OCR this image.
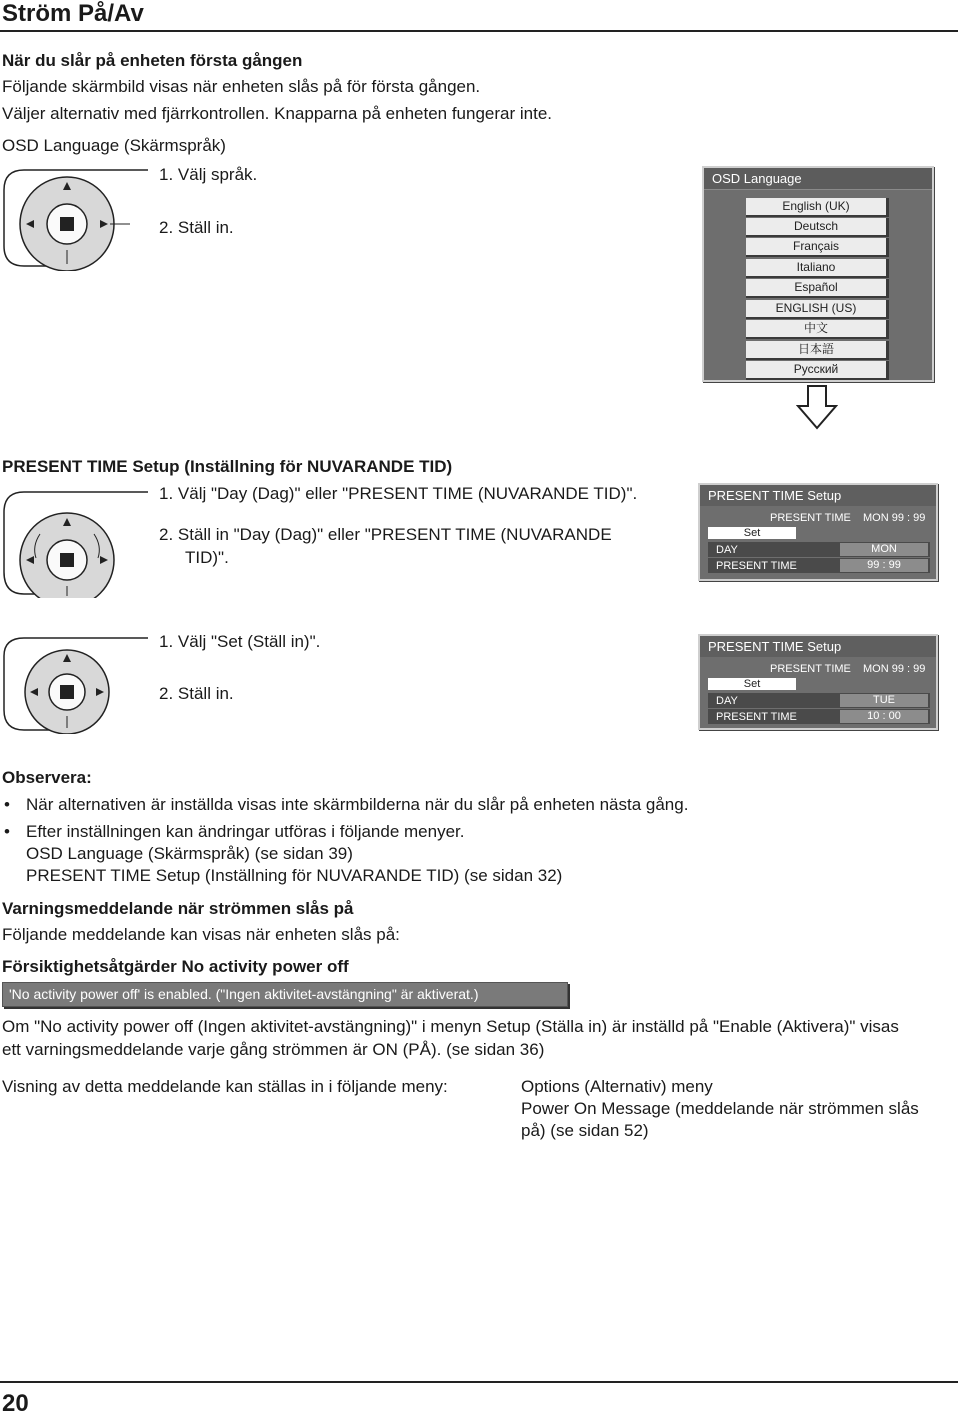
Ström På/Av
När du slår på enheten första gången
Följande skärmbild visas när enheten slås på för första gången.
Väljer alternativ med fjärrkontrollen. Knapparna på enheten fungerar inte.
OSD Language (Skärmspråk)
1. Välj språk.
2. Ställ in.
OSD Language
English (UK)
Deutsch
Français
Italiano
Español
ENGLISH (US)
中文
日本語
Русский
PRESENT TIME Setup (Inställning för NUVARANDE TID)
1. Välj "Day (Dag)" eller "PRESENT TIME (NUVARANDE TID)".
2. Ställ in "Day (Dag)" eller "PRESENT TIME (NUVARANDE
TID)".
PRESENT TIME Setup
PRESENT TIME MON 99 : 99
Set
DAY	MON
PRESENT TIME	99 : 99
1. Välj "Set (Ställ in)".
2. Ställ in.
PRESENT TIME Setup
PRESENT TIME MON 99 : 99
Set
DAY	TUE
PRESENT TIME	10 : 00
Observera:
• När alternativen är inställda visas inte skärmbilderna när du slår på enheten nästa gång.
• Efter inställningen kan ändringar utföras i följande menyer.
OSD Language (Skärmspråk) (se sidan 39)
PRESENT TIME Setup (Inställning för NUVARANDE TID) (se sidan 32)
Varningsmeddelande när strömmen slås på
Följande meddelande kan visas när enheten slås på:
Försiktighetsåtgärder No activity power off
'No activity power off' is enabled. ("Ingen aktivitet-avstängning" är aktiverat.)
Om "No activity power off (Ingen aktivitet-avstängning)" i menyn Setup (Ställa in) är inställd på "Enable (Aktivera)" visas
ett varningsmeddelande varje gång strömmen är ON (PÅ). (se sidan 36)
Visning av detta meddelande kan ställas in i följande meny:	Options (Alternativ) meny
Power On Message (meddelande när strömmen slås
på) (se sidan 52)
20
